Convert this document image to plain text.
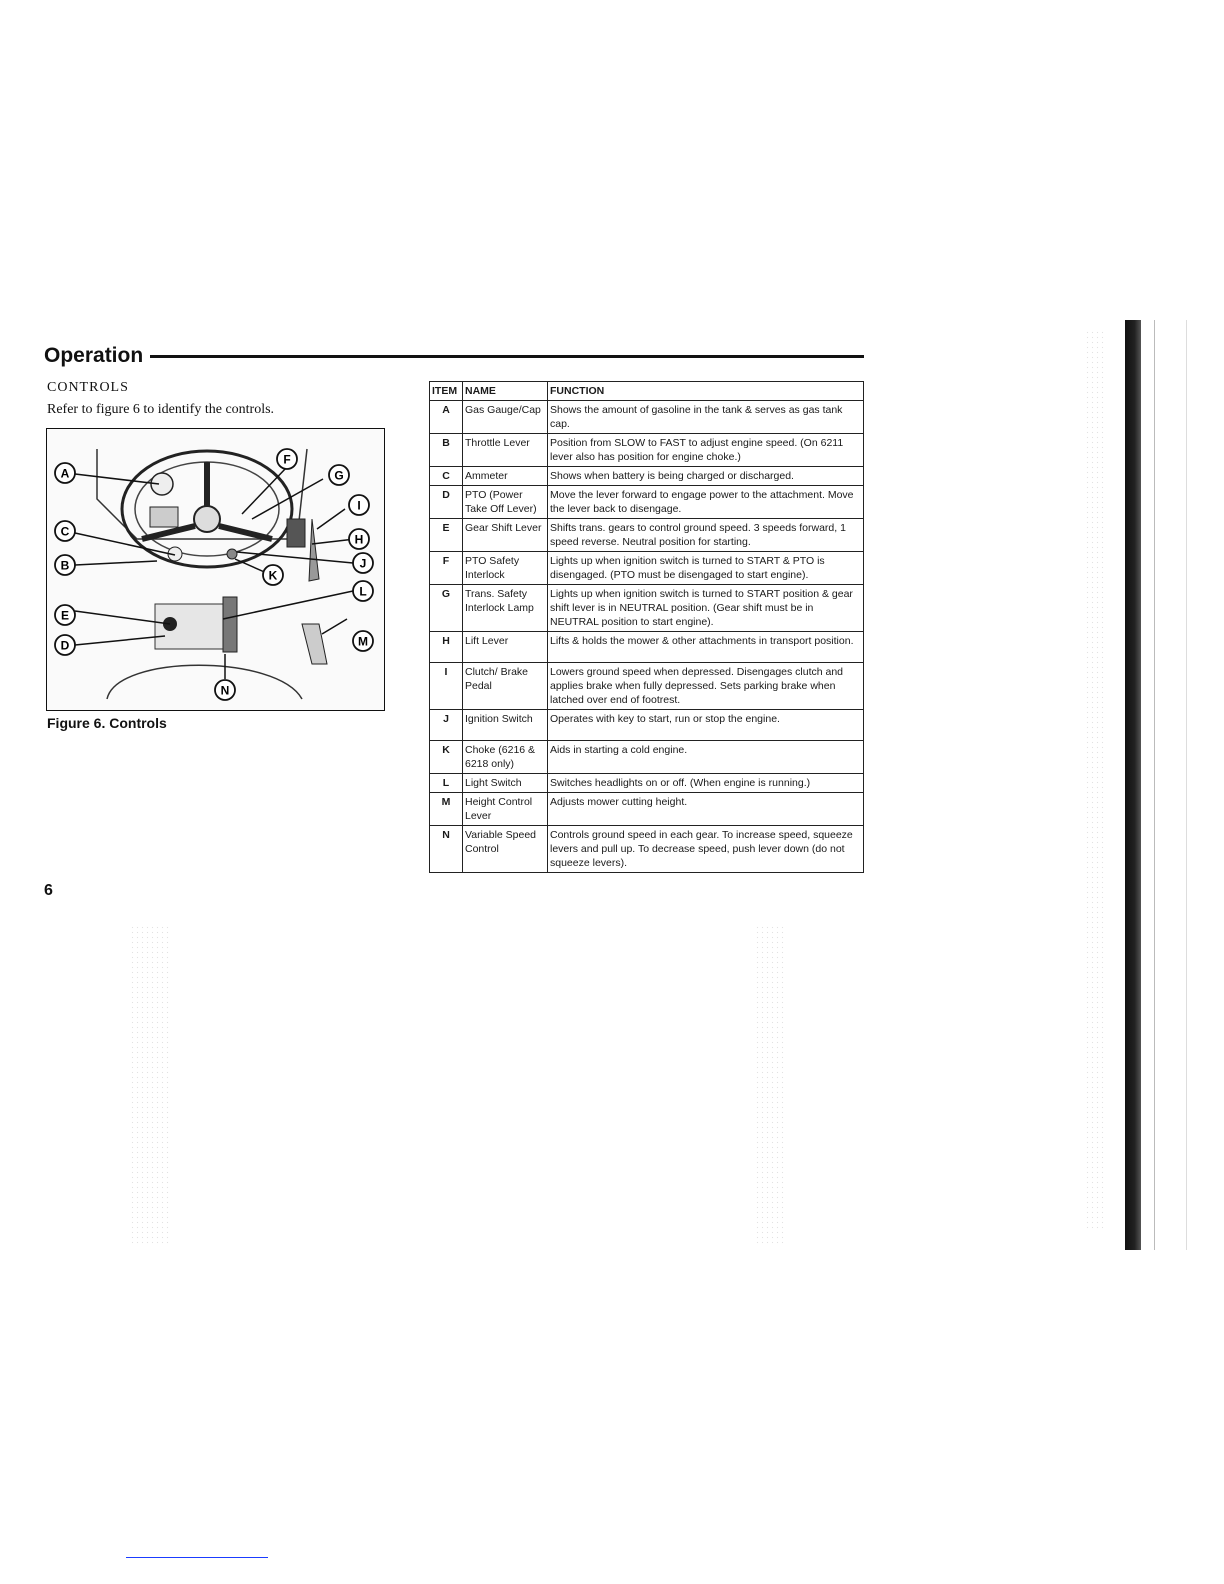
Operation
CONTROLS
Refer to figure 6 to identify the controls.
A
B
C
D
E
F
G
I
H
J
K
L
M
N
Figure 6. Controls
ITEM	NAME	FUNCTION
A	Gas Gauge/Cap	Shows the amount of gasoline in the tank & serves as gas tank cap.
B	Throttle Lever	Position from SLOW to FAST to adjust engine speed. (On 6211 lever also has position for engine choke.)
C	Ammeter	Shows when battery is being charged or discharged.
D	PTO (Power Take Off Lever)	Move the lever forward to engage power to the attachment. Move the lever back to disengage.
E	Gear Shift Lever	Shifts trans. gears to control ground speed. 3 speeds forward, 1 speed reverse. Neutral position for starting.
F	PTO Safety Interlock	Lights up when ignition switch is turned to START & PTO is disengaged. (PTO must be disengaged to start engine).
G	Trans. Safety Interlock Lamp	Lights up when ignition switch is turned to START position & gear shift lever is in NEUTRAL position. (Gear shift must be in NEUTRAL position to start engine).
H	Lift Lever	Lifts & holds the mower & other attachments in transport position.
I	Clutch/ Brake Pedal	Lowers ground speed when depressed. Disengages clutch and applies brake when fully depressed. Sets parking brake when latched over end of footrest.
J	Ignition Switch	Operates with key to start, run or stop the engine.
K	Choke (6216 & 6218 only)	Aids in starting a cold engine.
L	Light Switch	Switches headlights on or off. (When engine is running.)
M	Height Control Lever	Adjusts mower cutting height.
N	Variable Speed Control	Controls ground speed in each gear. To increase speed, squeeze levers and pull up. To decrease speed, push lever down (do not squeeze levers).
6
